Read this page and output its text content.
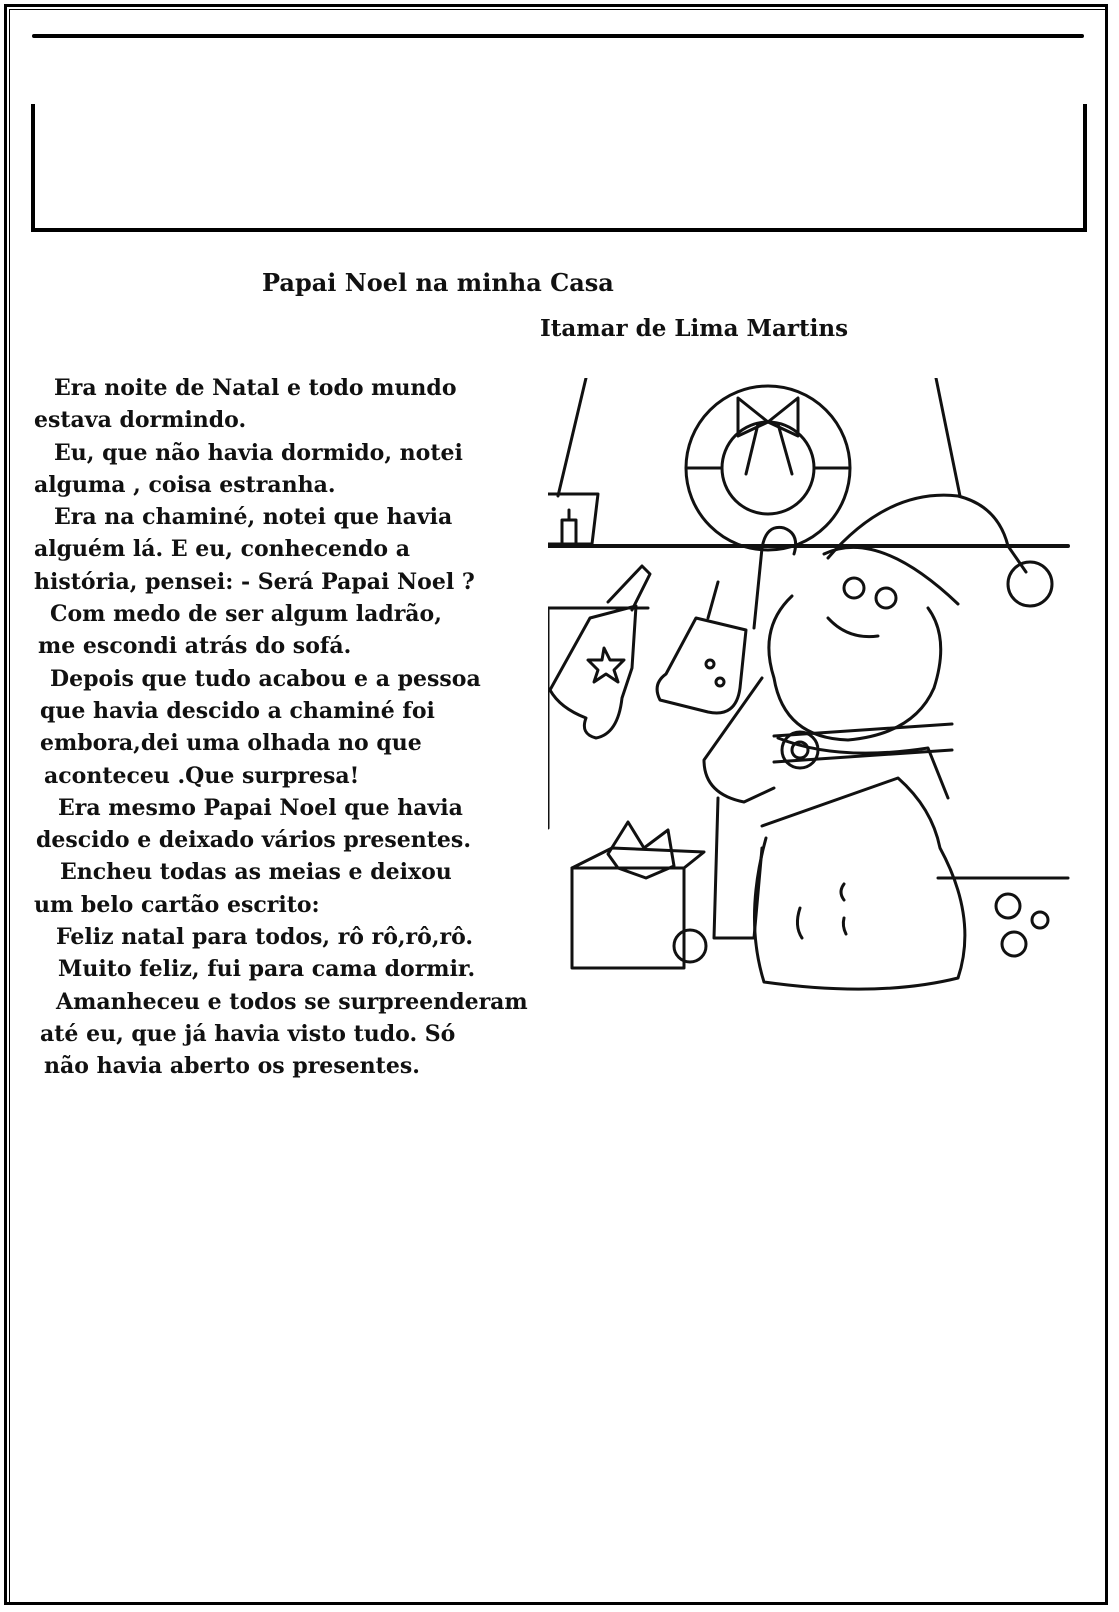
Papai Noel na minha Casa
Itamar de Lima Martins
Era noite de Natal e todo mundo
estava dormindo.
Eu, que não havia dormido, notei
alguma , coisa estranha.
Era na chaminé, notei que havia
alguém lá. E eu, conhecendo a
história, pensei: - Será Papai Noel ?
Com medo de ser algum ladrão,
me escondi atrás do sofá.
Depois que tudo acabou e a pessoa
que havia descido a chaminé foi
embora,dei uma olhada no que
aconteceu .Que surpresa!
Era mesmo Papai Noel que havia
descido e deixado vários presentes.
Encheu todas as meias e deixou
um belo cartão escrito:
Feliz natal para todos, rô rô,rô,rô.
Muito feliz, fui para cama dormir.
Amanheceu e todos se surpreenderam
até eu, que já havia visto tudo. Só
não havia aberto os presentes.
